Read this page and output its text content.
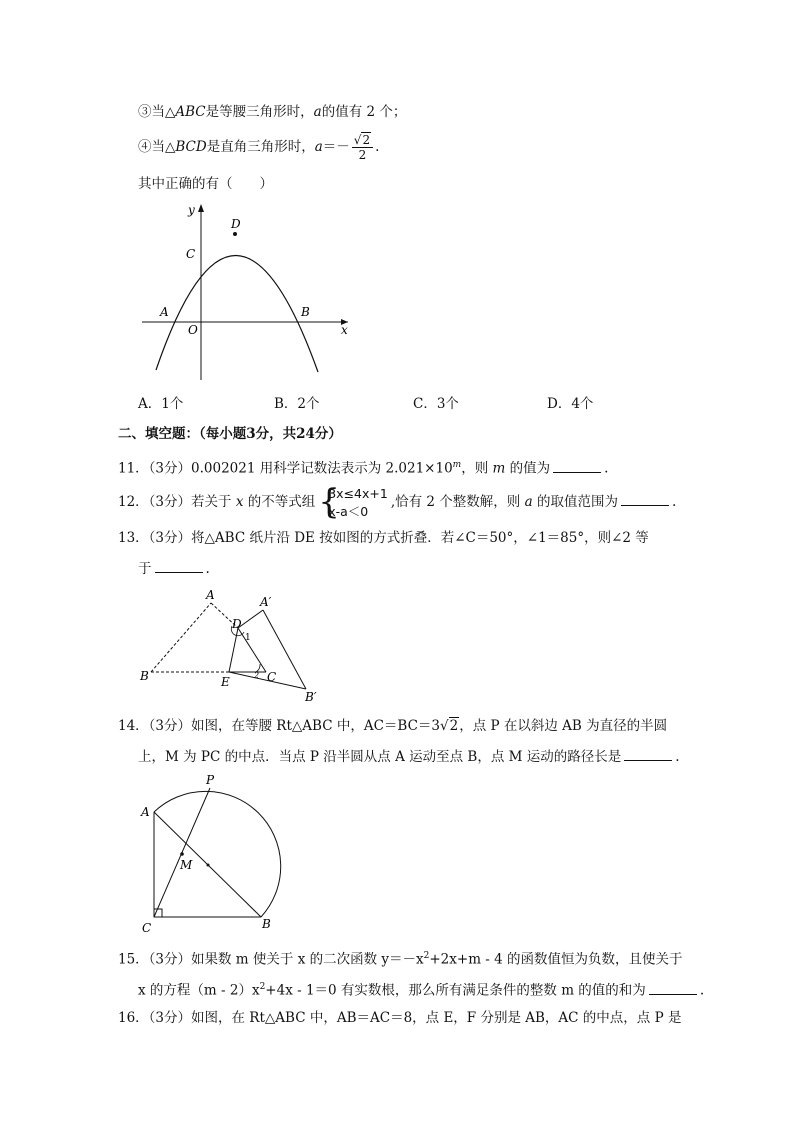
③当△ABC是等腰三角形时，a的值有 2 个；
④当△BCD是直角三角形时，$a=- \frac{√2}{2}$ .
其中正确的有（　　）
y
D
C
A	B
O	x
A．1个	B．2个	C．3个	D．4个
二、填空题：（每小题3分，共24分）
11．（3分）0.002021 用科学记数法表示为 $2.021\times 10^m$，则 m 的值为	.
12．（3分）若关于 x 的不等式组 {
3x≤4x+1
x-a＜0
,恰有 2 个整数解，则 a 的取值范围为	.
13．（3分）将△ABC 纸片沿 DE 按如图的方式折叠．若∠C＝50°，∠1＝85°，则∠2 等
于	.
A	A′
D
1
B	E	2 C
B′
14．（3分）如图，在等腰 Rt△ABC 中，AC＝BC＝3√2，点 P 在以斜边 AB 为直径的半圆
上，M 为 PC 的中点．当点 P 沿半圆从点 A 运动至点 B，点 M 运动的路径长是	.
P
A
M
C	B
15．（3分）如果数 m 使关于 x 的二次函数 $y=-x^2+2x+m - 4$ 的函数值恒为负数，且使关于
x 的方程$(m - 2)x^2+4x - 1=0$ 有实数根，那么所有满足条件的整数 m 的值的和为	.
16．（3分）如图，在 Rt△ABC 中，AB＝AC＝8，点 E，F 分别是 AB，AC 的中点，点 P 是
